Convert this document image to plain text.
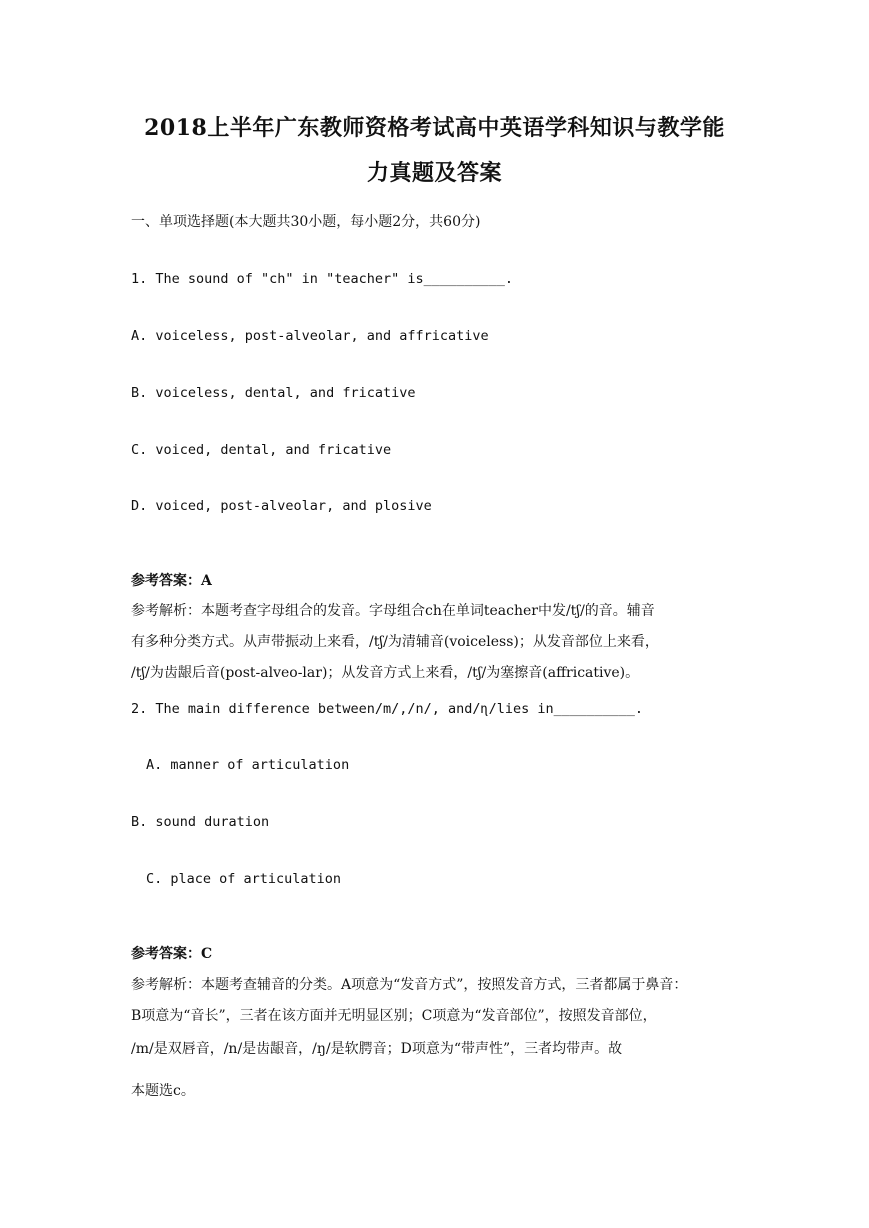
2018上半年广东教师资格考试高中英语学科知识与教学能
力真题及答案
一、单项选择题(本大题共30小题，每小题2分，共60分)
1. The sound of "ch" in "teacher" is__________.
A. voiceless, post-alveolar, and affricative
B. voiceless, dental, and fricative
C. voiced, dental, and fricative
D. voiced, post-alveolar, and plosive
参考答案：A
参考解析：本题考查字母组合的发音。字母组合ch在单词teacher中发/tʃ/的音。辅音
有多种分类方式。从声带振动上来看，/tʃ/为清辅音(voiceless)；从发音部位上来看，
/tʃ/为齿龈后音(post-alveo-lar)；从发音方式上来看，/tʃ/为塞擦音(affricative)。
2. The main difference between/m/,/n/, and/ɳ/lies in__________.
A. manner of articulation
B. sound duration
C. place of articulation
参考答案：C
参考解析：本题考查辅音的分类。A项意为“发音方式”，按照发音方式，三者都属于鼻音：
B项意为“音长”，三者在该方面并无明显区别；C项意为“发音部位”，按照发音部位，
/m/是双唇音，/n/是齿龈音，/ŋ/是软腭音；D项意为“带声性”，三者均带声。故
本题选c。
